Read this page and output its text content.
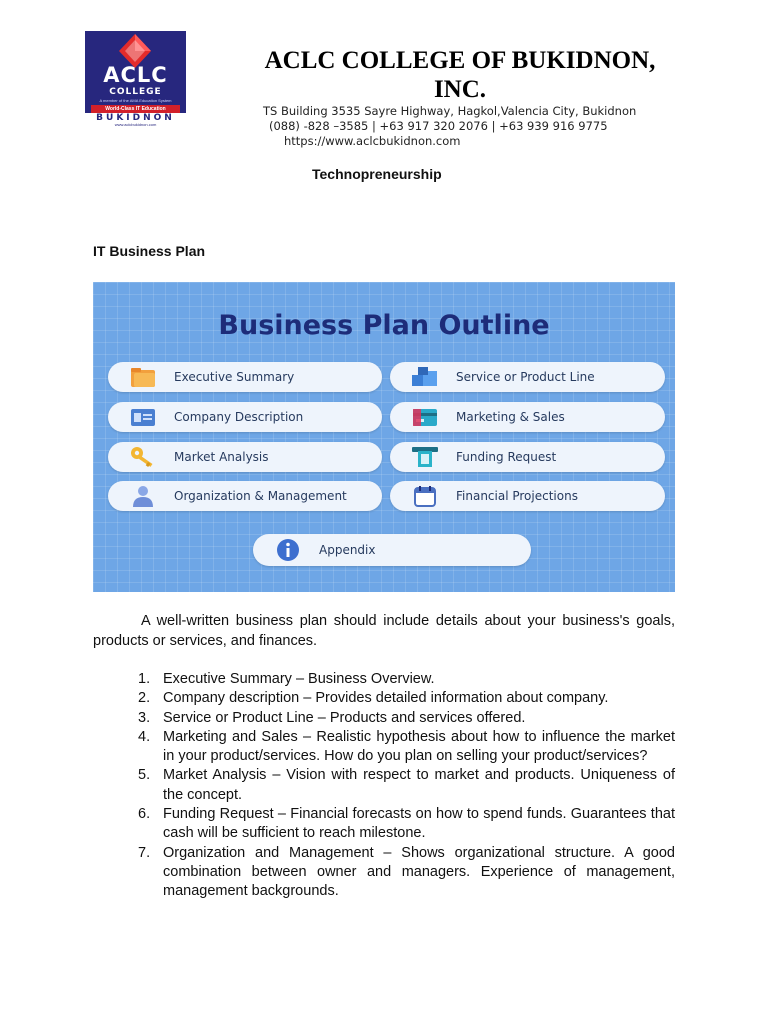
ACLC
COLLEGE
A member of the AMA Education System
World-Class IT Education
BUKIDNON
www.aclcbukidnon.com
ACLC COLLEGE OF BUKIDNON, INC.
TS Building 3535 Sayre Highway, Hagkol,Valencia City, Bukidnon
(088) -828 –3585 | +63 917 320 2076 | +63 939 916 9775
https://www.aclcbukidnon.com
Technopreneurship
IT Business Plan
Business Plan Outline
Executive Summary	Service or Product Line
Company Description	Marketing & Sales
Market Analysis	Funding Request
Organization & Management	Financial Projections
Appendix

A well-written business plan should include details about your business's goals, products or services, and finances.

1. Executive Summary – Business Overview.
2. Company description – Provides detailed information about company.
3. Service or Product Line – Products and services offered.
4. Marketing and Sales – Realistic hypothesis about how to influence the market in your product/services. How do you plan on selling your product/services?
5. Market Analysis – Vision with respect to market and products. Uniqueness of the concept.
6. Funding Request – Financial forecasts on how to spend funds. Guarantees that cash will be sufficient to reach milestone.
7. Organization and Management – Shows organizational structure. A good combination between owner and managers. Experience of management, management backgrounds.
